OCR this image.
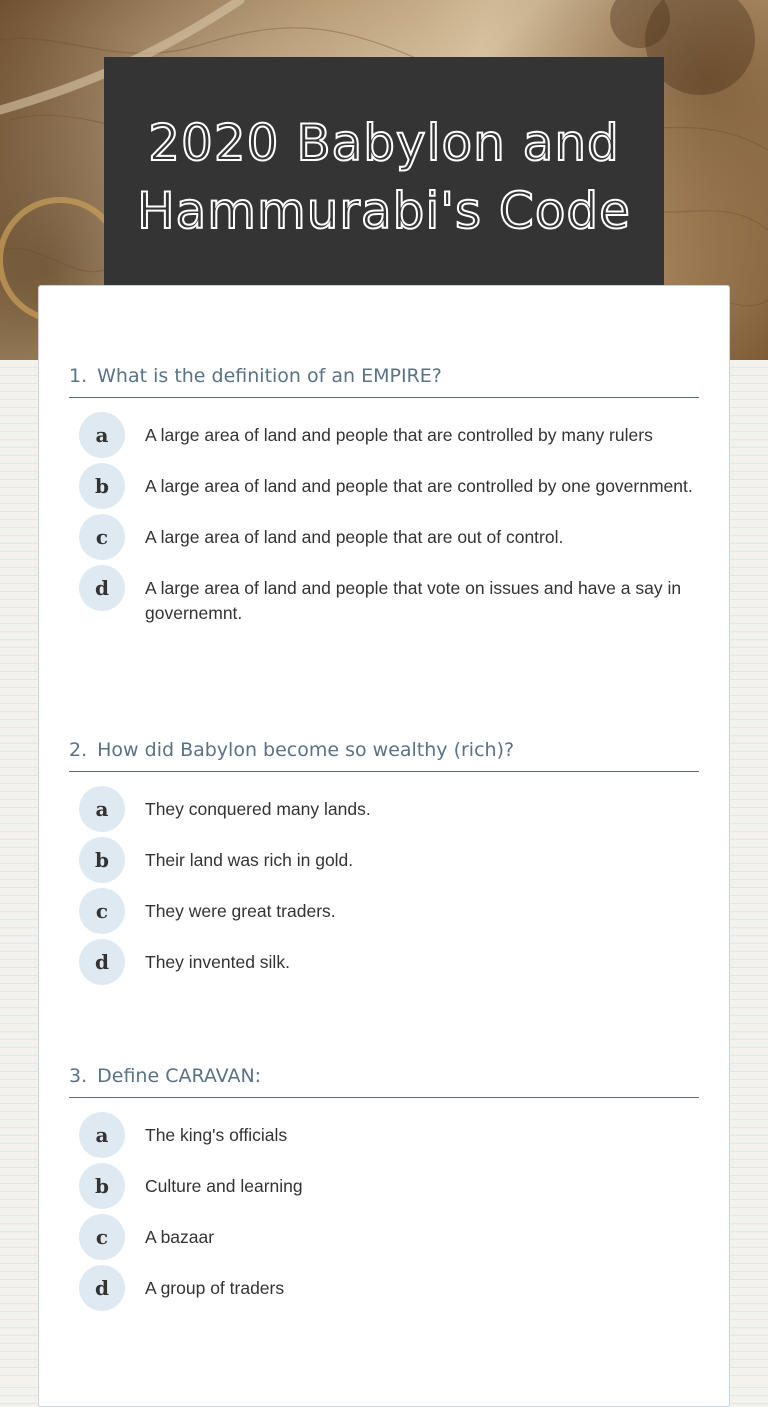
2020 Babylon and Hammurabi's Code
1. What is the definition of an EMPIRE?
a	A large area of land and people that are controlled by many rulers
b	A large area of land and people that are controlled by one government.
c	A large area of land and people that are out of control.
d	A large area of land and people that vote on issues and have a say in governemnt.
2. How did Babylon become so wealthy (rich)?
a	They conquered many lands.
b	Their land was rich in gold.
c	They were great traders.
d	They invented silk.
3. Define CARAVAN:
a	The king's officials
b	Culture and learning
c	A bazaar
d	A group of traders
